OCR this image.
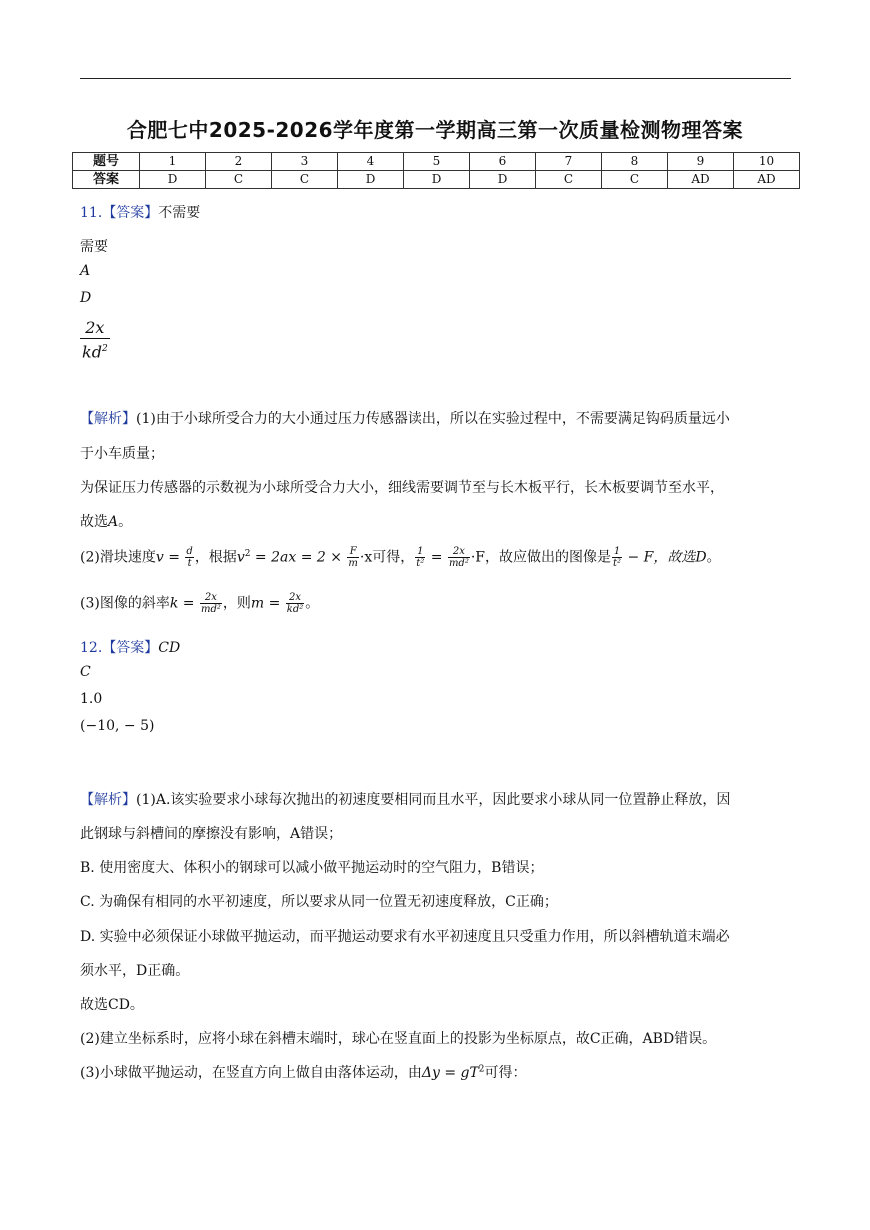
合肥七中2025-2026学年度第一学期高三第一次质量检测物理答案
题号	1	2	3	4	5	6	7	8	9	10
答案	D	C	C	D	D	D	C	C	AD	AD
11.【答案】不需要
需要
A
D
$\frac{2x}{kd^2}$
【解析】(1)由于小球所受合力的大小通过压力传感器读出，所以在实验过程中，不需要满足钩码质量远小
于小车质量；
为保证压力传感器的示数视为小球所受合力大小，细线需要调节至与长木板平行，长木板要调节至水平，
故选A。
(2)滑块速度$v = \frac{d}{t}$ ，根据$v^2 = 2ax = 2 \times \frac{F}{m} \cdot x$可得， $\frac{1}{\text{t²}} = \frac{2x}{\text{md²}} \cdot F$，故应做出的图像是 $\frac{1}{\text{t²}} - F$，故选D。
(3)图像的斜率$k = \frac{2x}{\text{md²}}$ ，则$m = \frac{2x}{\text{kd²}}$ 。
12.【答案】CD
C
1.0
(−10, − 5)
【解析】(1)A.该实验要求小球每次抛出的初速度要相同而且水平，因此要求小球从同一位置静止释放，因
此钢球与斜槽间的摩擦没有影响，A错误；
B. 使用密度大、体积小的钢球可以减小做平抛运动时的空气阻力，B错误；
C. 为确保有相同的水平初速度，所以要求从同一位置无初速度释放，C正确；
D. 实验中必须保证小球做平抛运动，而平抛运动要求有水平初速度且只受重力作用，所以斜槽轨道末端必
须水平，D正确。
故选CD。
(2)建立坐标系时，应将小球在斜槽末端时，球心在竖直面上的投影为坐标原点，故C正确，ABD错误。
(3)小球做平抛运动，在竖直方向上做自由落体运动，由$\Delta y = gT^2$可得：
